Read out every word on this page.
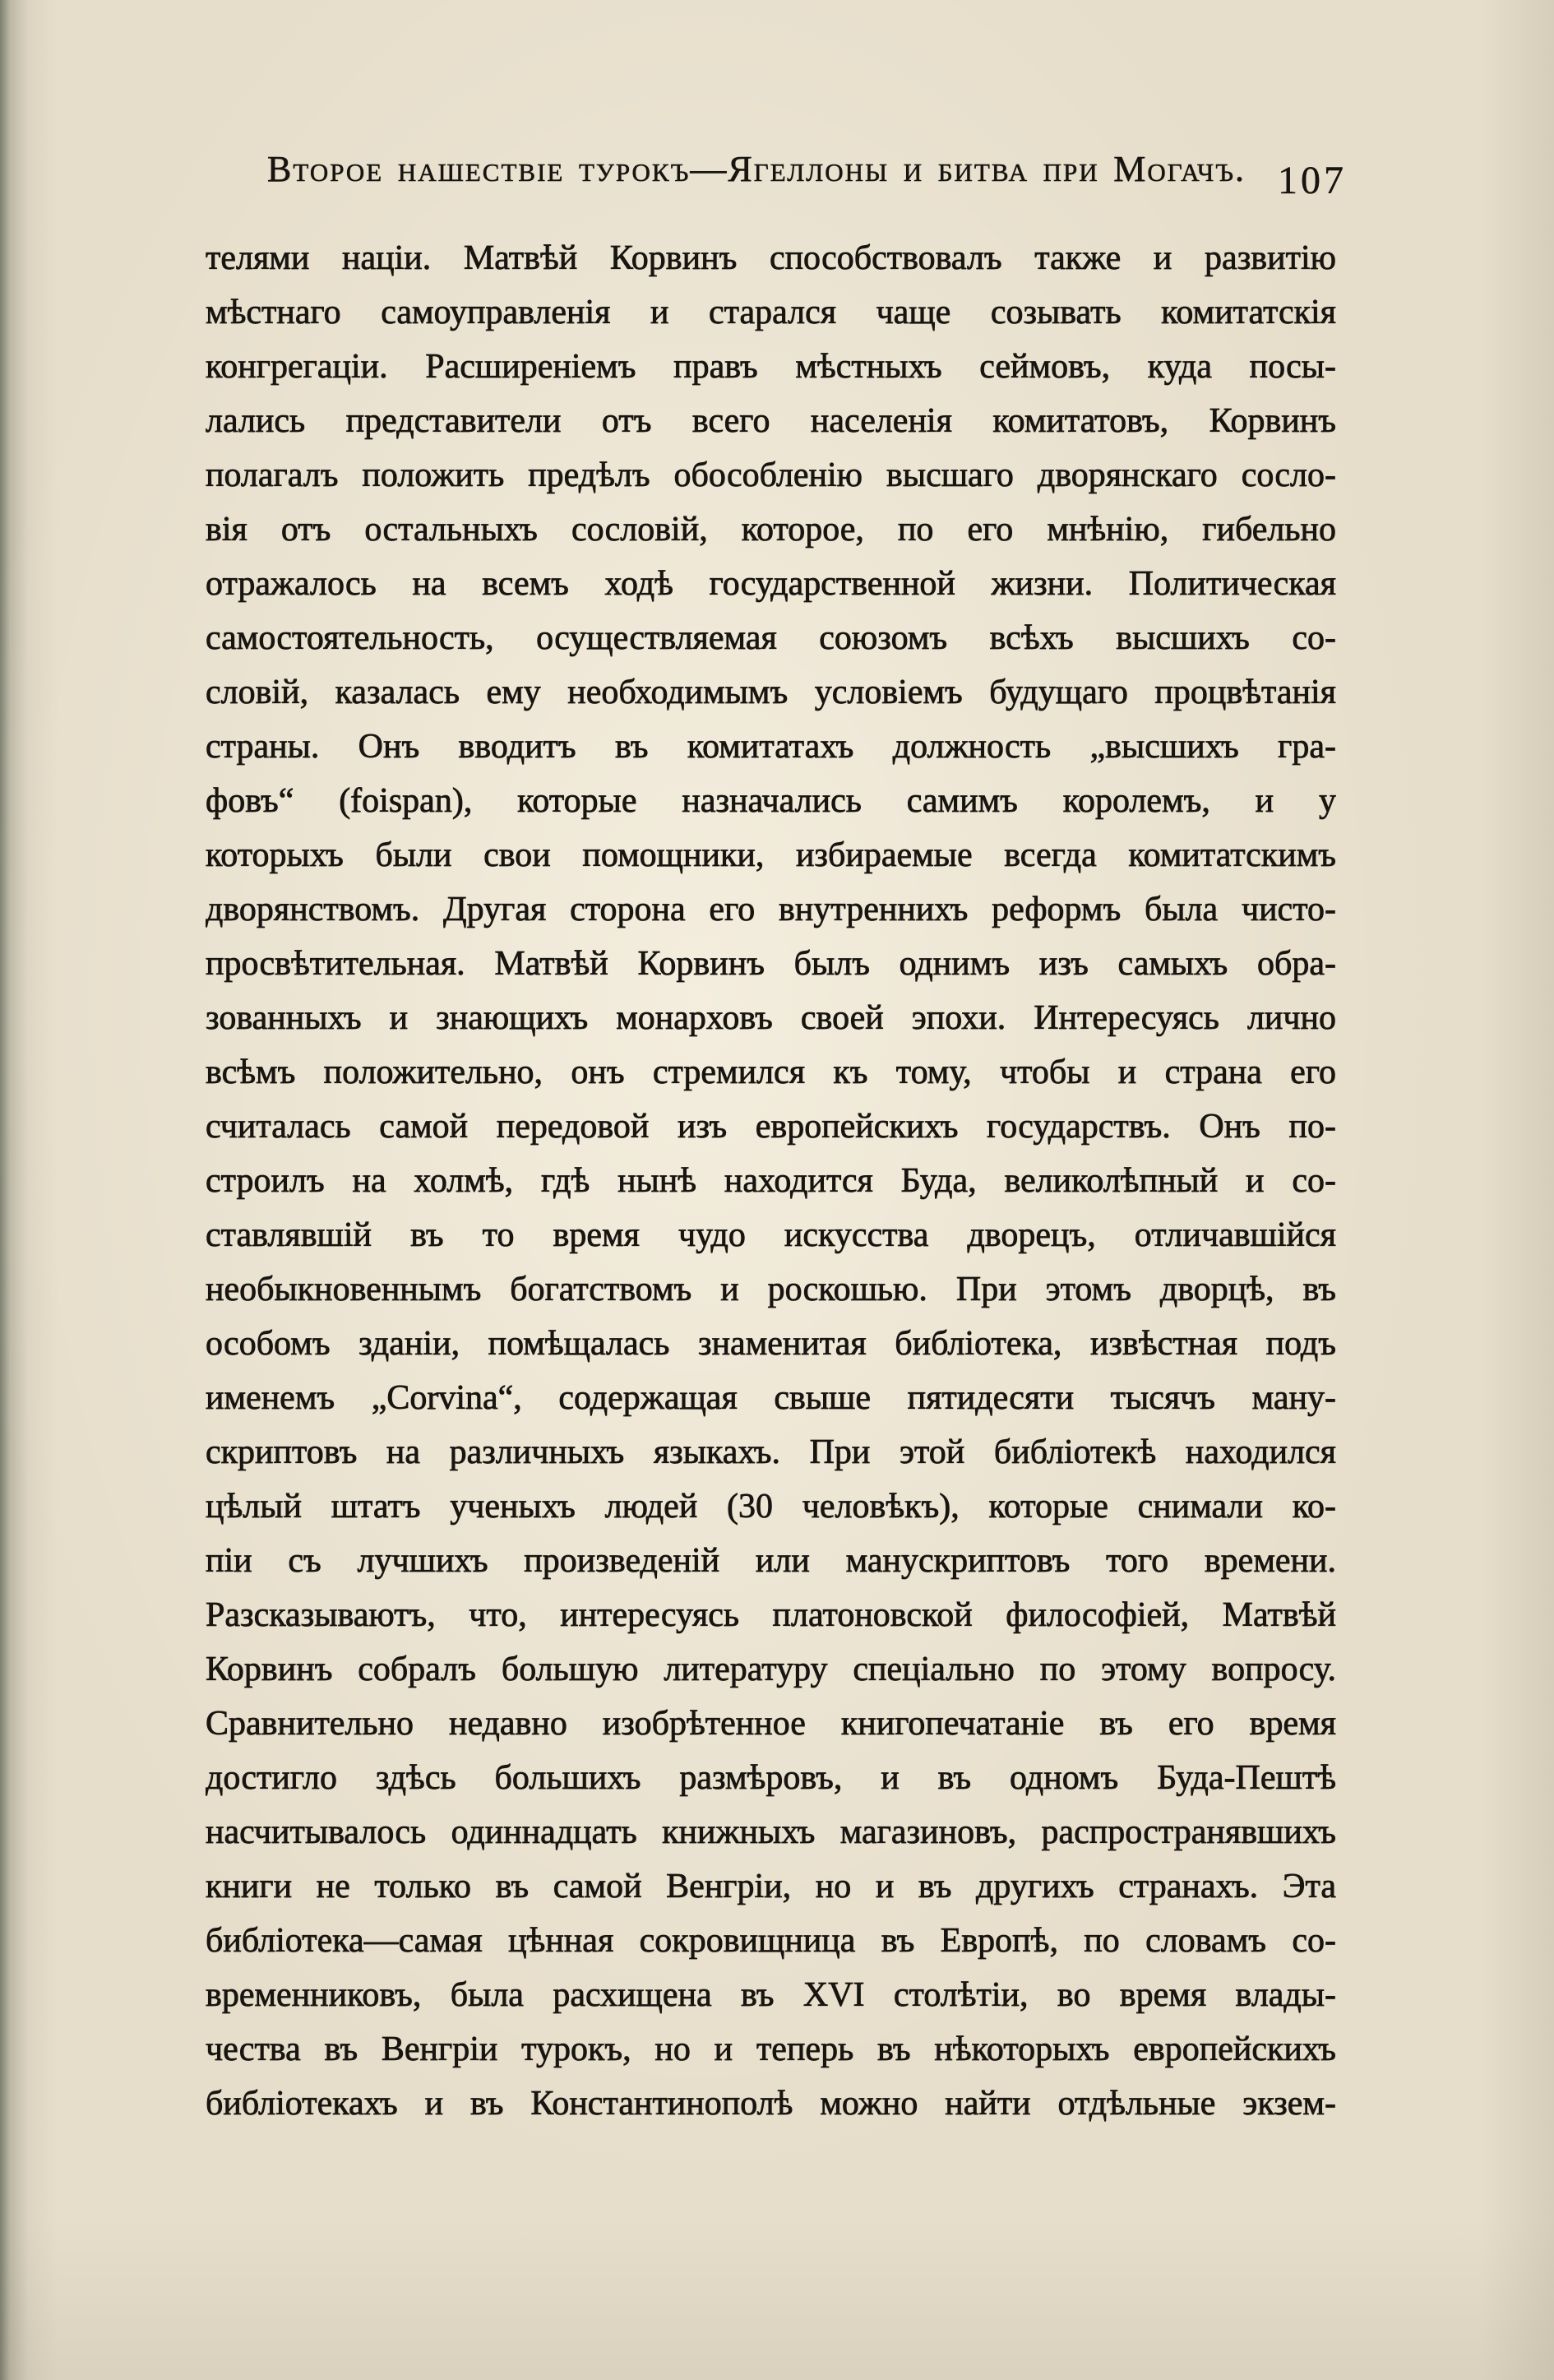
Второе нашествіе турокъ—Ягеллоны и битва при Могачъ. 107
телями націи. Матвѣй Корвинъ способствовалъ также и развитію
мѣстнаго самоуправленія и старался чаще созывать комитатскія
конгрегаціи. Расширеніемъ правъ мѣстныхъ сеймовъ, куда посы-
лались представители отъ всего населенія комитатовъ, Корвинъ
полагалъ положить предѣлъ обособленію высшаго дворянскаго сосло-
вія отъ остальныхъ сословій, которое, по его мнѣнію, гибельно
отражалось на всемъ ходѣ государственной жизни. Политическая
самостоятельность, осуществляемая союзомъ всѣхъ высшихъ со-
словій, казалась ему необходимымъ условіемъ будущаго процвѣтанія
страны. Онъ вводитъ въ комитатахъ должность „высшихъ гра-
фовъ“ (foispan), которые назначались самимъ королемъ, и у
которыхъ были свои помощники, избираемые всегда комитатскимъ
дворянствомъ. Другая сторона его внутреннихъ реформъ была чисто-
просвѣтительная. Матвѣй Корвинъ былъ однимъ изъ самыхъ обра-
зованныхъ и знающихъ монарховъ своей эпохи. Интересуясь лично
всѣмъ положительно, онъ стремился къ тому, чтобы и страна его
считалась самой передовой изъ европейскихъ государствъ. Онъ по-
строилъ на холмѣ, гдѣ нынѣ находится Буда, великолѣпный и со-
ставлявшій въ то время чудо искусства дворецъ, отличавшійся
необыкновеннымъ богатствомъ и роскошью. При этомъ дворцѣ, въ
особомъ зданіи, помѣщалась знаменитая библіотека, извѣстная подъ
именемъ „Corvina“, содержащая свыше пятидесяти тысячъ ману-
скриптовъ на различныхъ языкахъ. При этой библіотекѣ находился
цѣлый штатъ ученыхъ людей (30 человѣкъ), которые снимали ко-
піи съ лучшихъ произведеній или манускриптовъ того времени.
Разсказываютъ, что, интересуясь платоновской философіей, Матвѣй
Корвинъ собралъ большую литературу спеціально по этому вопросу.
Сравнительно недавно изобрѣтенное книгопечатаніе въ его время
достигло здѣсь большихъ размѣровъ, и въ одномъ Буда-Пештѣ
насчитывалось одиннадцать книжныхъ магазиновъ, распространявшихъ
книги не только въ самой Венгріи, но и въ другихъ странахъ. Эта
библіотека—самая цѣнная сокровищница въ Европѣ, по словамъ со-
временниковъ, была расхищена въ XVI столѣтіи, во время влады-
чества въ Венгріи турокъ, но и теперь въ нѣкоторыхъ европейскихъ
библіотекахъ и въ Константинополѣ можно найти отдѣльные экзем-
